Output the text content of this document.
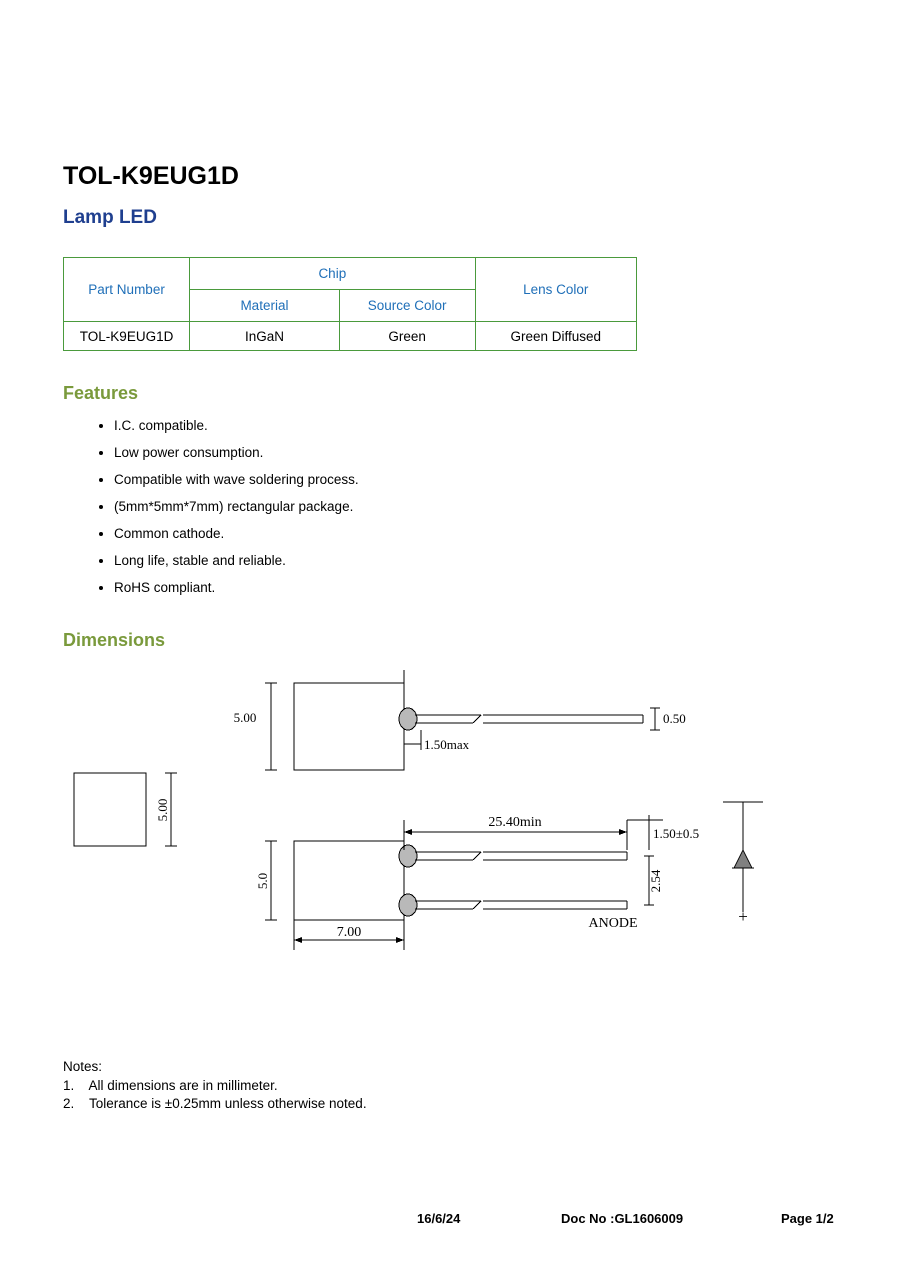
TOL-K9EUG1D
Lamp LED
Part Number	Chip		Lens Color
	Material	Source Color	
TOL-K9EUG1D	InGaN	Green	Green Diffused
Features
• I.C. compatible.
• Low power consumption.
• Compatible with wave soldering process.
• (5mm*5mm*7mm) rectangular package.
• Common cathode.
• Long life, stable and reliable.
• RoHS compliant.
Dimensions
5.00	0.50
1.50max
5.00
25.40min
1.50±0.5
2.54
5.0
7.00
ANODE	+
Notes:
1.    All dimensions are in millimeter.
2.    Tolerance is ±0.25mm unless otherwise noted.
16/6/24	Doc No :GL1606009	Page 1/2
